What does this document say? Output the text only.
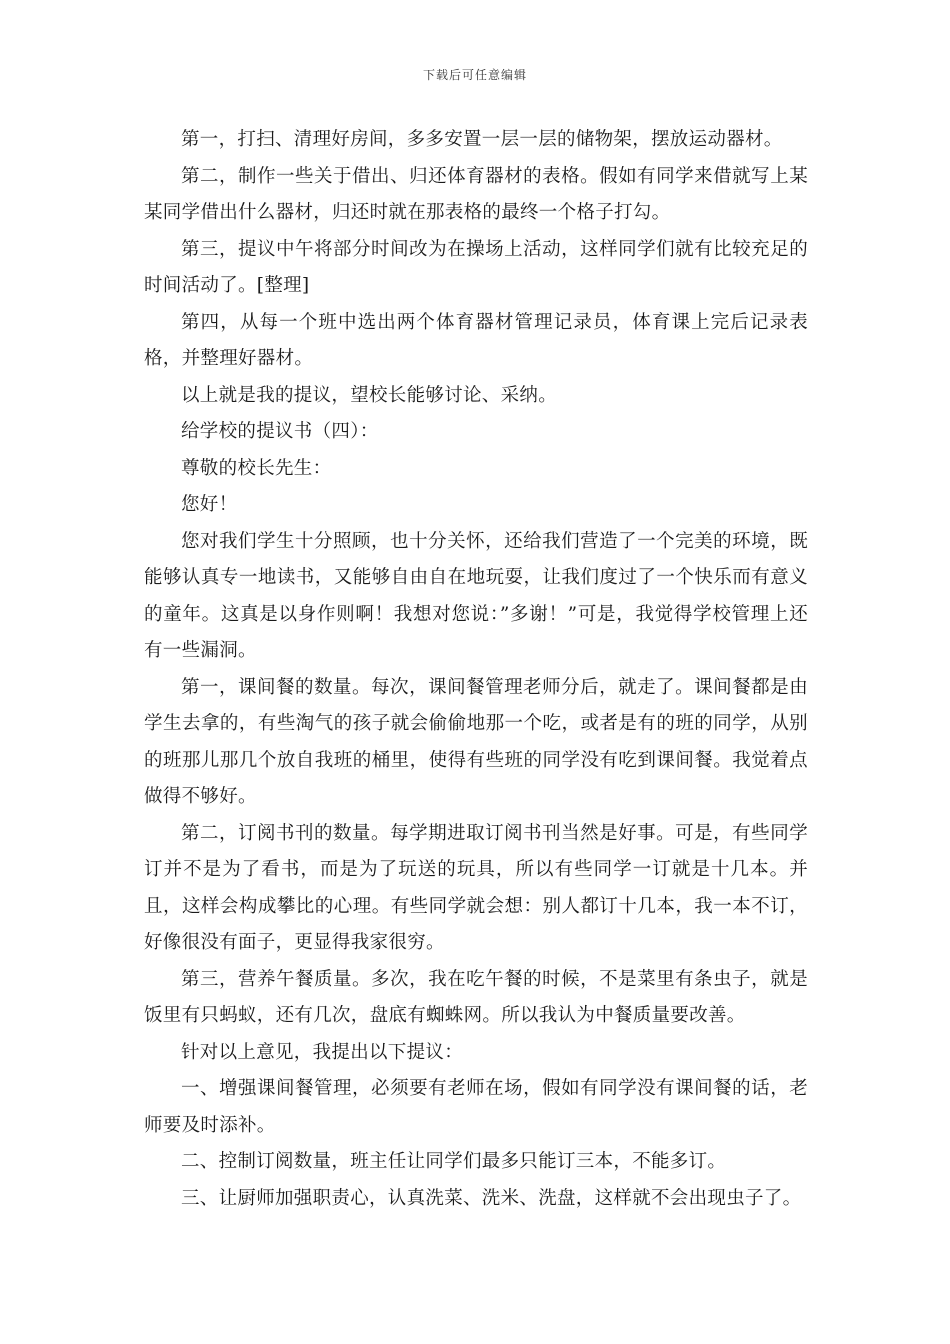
下载后可任意编辑

第一，打扫、清理好房间，多多安置一层一层的储物架，摆放运动器材。

第二，制作一些关于借出、归还体育器材的表格。假如有同学来借就写上某某同学借出什么器材，归还时就在那表格的最终一个格子打勾。

第三，提议中午将部分时间改为在操场上活动，这样同学们就有比较充足的时间活动了。[整理]

第四，从每一个班中选出两个体育器材管理记录员，体育课上完后记录表格，并整理好器材。

以上就是我的提议，望校长能够讨论、采纳。

给学校的提议书（四）：

尊敬的校长先生：

您好！

您对我们学生十分照顾，也十分关怀，还给我们营造了一个完美的环境，既能够认真专一地读书，又能够自由自在地玩耍，让我们度过了一个快乐而有意义的童年。这真是以身作则啊！我想对您说：”多谢！”可是，我觉得学校管理上还有一些漏洞。

第一，课间餐的数量。每次，课间餐管理老师分后，就走了。课间餐都是由学生去拿的，有些淘气的孩子就会偷偷地那一个吃，或者是有的班的同学，从别的班那儿那几个放自我班的桶里，使得有些班的同学没有吃到课间餐。我觉着点做得不够好。

第二，订阅书刊的数量。每学期进取订阅书刊当然是好事。可是，有些同学订并不是为了看书，而是为了玩送的玩具，所以有些同学一订就是十几本。并且，这样会构成攀比的心理。有些同学就会想：别人都订十几本，我一本不订，好像很没有面子，更显得我家很穷。

第三，营养午餐质量。多次，我在吃午餐的时候，不是菜里有条虫子，就是饭里有只蚂蚁，还有几次，盘底有蜘蛛网。所以我认为中餐质量要改善。

针对以上意见，我提出以下提议：

一、增强课间餐管理，必须要有老师在场，假如有同学没有课间餐的话，老师要及时添补。

二、控制订阅数量，班主任让同学们最多只能订三本，不能多订。

三、让厨师加强职责心，认真洗菜、洗米、洗盘，这样就不会出现虫子了。
